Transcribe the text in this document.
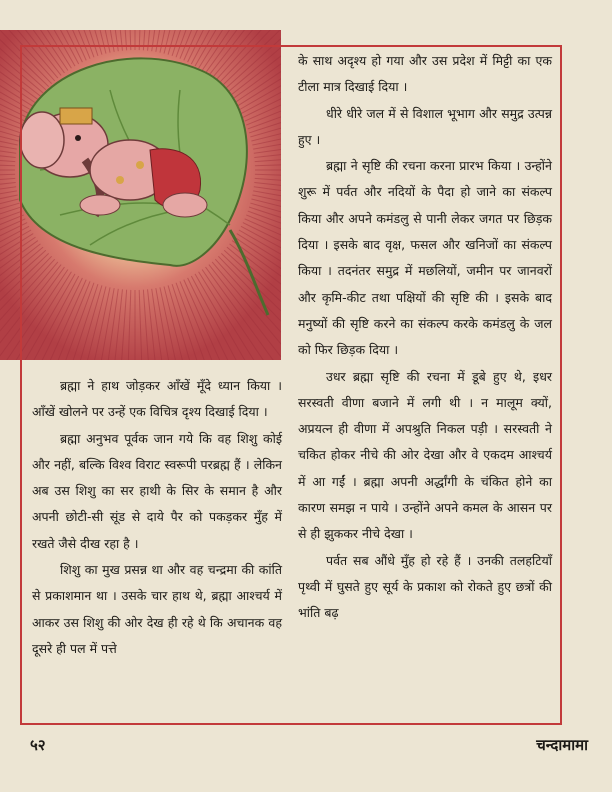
के साथ अदृश्य हो गया और उस प्रदेश में मिट्टी का एक टीला मात्र दिखाई दिया ।

धीरे धीरे जल में से विशाल भूभाग और समुद्र उत्पन्न हुए ।

ब्रह्मा ने सृष्टि की रचना करना प्रारभ किया । उन्होंने शुरू में पर्वत और नदियों के पैदा हो जाने का संकल्प किया और अपने कमंडलु से पानी लेकर जगत पर छिड़क दिया । इसके बाद वृक्ष, फसल और खनिजों का संकल्प किया । तदनंतर समुद्र में मछलियों, जमीन पर जानवरों और कृमि-कीट तथा पक्षियों की सृष्टि की । इसके बाद मनुष्यों की सृष्टि करने का संकल्प करके कमंडलु के जल को फिर छिड़क दिया ।

उधर ब्रह्मा सृष्टि की रचना में डूबे हुए थे, इधर सरस्वती वीणा बजाने में लगी थी । न मालूम क्यों, अप्रयत्न ही वीणा में अपश्रुति निकल पड़ी । सरस्वती ने चकित होकर नीचे की ओर देखा और वे एकदम आश्चर्य में आ गईं । ब्रह्मा अपनी अर्द्धांगी के चंकित होने का कारण समझ न पाये । उन्होंने अपने कमल के आसन पर से ही झुककर नीचे देखा ।

पर्वत सब औंधे मुँह हो रहे हैं । उनकी तलहटियाँ पृथ्वी में घुसते हुए सूर्य के प्रकाश को रोकते हुए छत्रों की भांति बढ़

ब्रह्मा ने हाथ जोड़कर आँखें मूँदे ध्यान किया । आँखें खोलने पर उन्हें एक विचित्र दृश्य दिखाई दिया ।

ब्रह्मा अनुभव पूर्वक जान गये कि वह शिशु कोई और नहीं, बल्कि विश्व विराट स्वरूपी परब्रह्म हैं । लेकिन अब उस शिशु का सर हाथी के सिर के समान है और अपनी छोटी-सी सूंड से दाये पैर को पकड़कर मुँह में रखते जैसे दीख रहा है ।

शिशु का मुख प्रसन्न था और वह चन्द्रमा की कांति से प्रकाशमान था । उसके चार हाथ थे, ब्रह्मा आश्चर्य में आकर उस शिशु की ओर देख ही रहे थे कि अचानक वह दूसरे ही पल में पत्ते

५२	चन्दामामा
